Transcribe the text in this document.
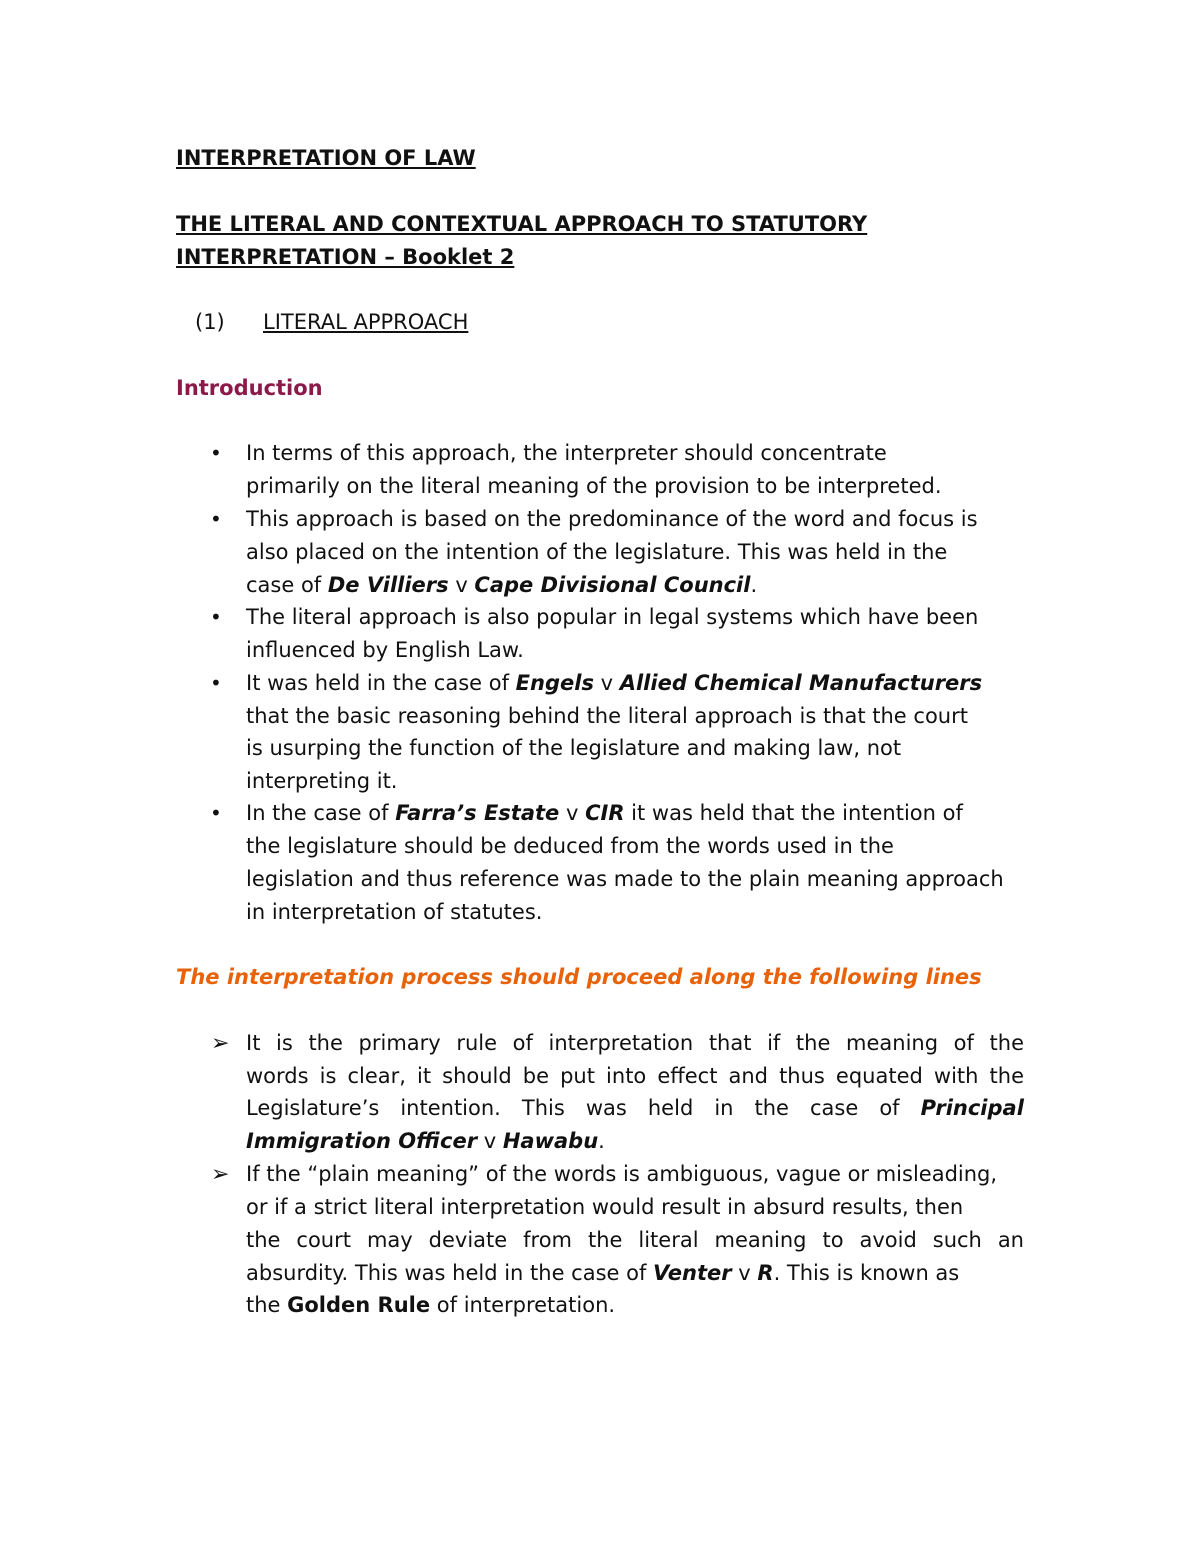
INTERPRETATION OF LAW
THE LITERAL AND CONTEXTUAL APPROACH TO STATUTORY
INTERPRETATION – Booklet 2
(1) LITERAL APPROACH
Introduction
• In terms of this approach, the interpreter should concentrate
primarily on the literal meaning of the provision to be interpreted.
• This approach is based on the predominance of the word and focus is
also placed on the intention of the legislature. This was held in the
case of De Villiers v Cape Divisional Council.
• The literal approach is also popular in legal systems which have been
influenced by English Law.
• It was held in the case of Engels v Allied Chemical Manufacturers
that the basic reasoning behind the literal approach is that the court
is usurping the function of the legislature and making law, not
interpreting it.
• In the case of Farra’s Estate v CIR it was held that the intention of
the legislature should be deduced from the words used in the
legislation and thus reference was made to the plain meaning approach
in interpretation of statutes.
The interpretation process should proceed along the following lines
➢ It is the primary rule of interpretation that if the meaning of the
words is clear, it should be put into effect and thus equated with the
Legislature’s intention. This was held in the case of Principal
Immigration Officer v Hawabu.
➢ If the “plain meaning” of the words is ambiguous, vague or misleading,
or if a strict literal interpretation would result in absurd results, then
the court may deviate from the literal meaning to avoid such an
absurdity. This was held in the case of Venter v R. This is known as
the Golden Rule of interpretation.
